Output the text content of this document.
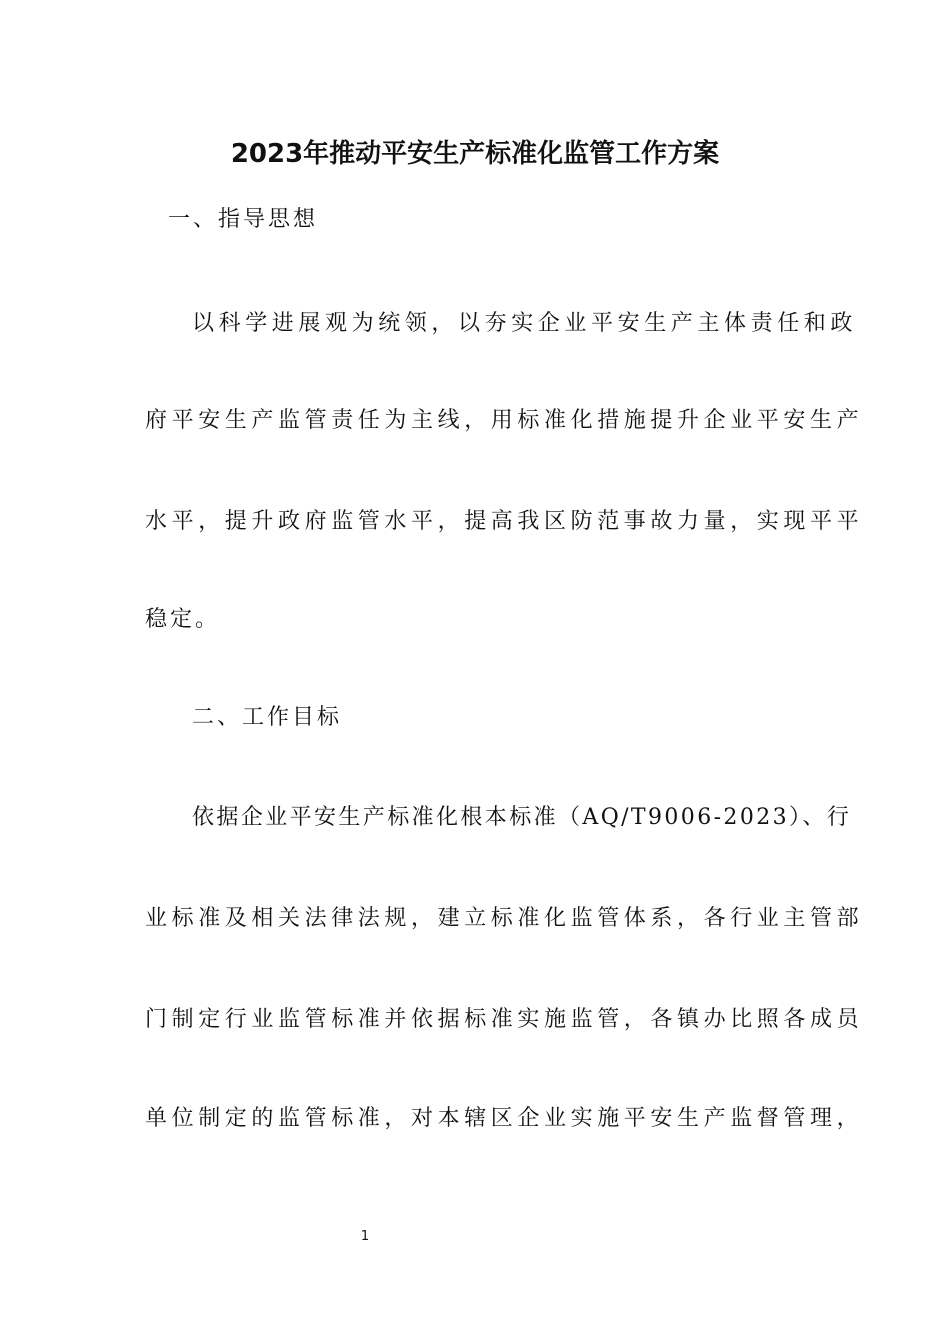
2023年推动平安生产标准化监管工作方案
一、指导思想
以科学进展观为统领，以夯实企业平安生产主体责任和政
府平安生产监管责任为主线，用标准化措施提升企业平安生产
水平，提升政府监管水平，提高我区防范事故力量，实现平平
稳定。
二、工作目标
依据企业平安生产标准化根本标准（AQ/T9006-2023）、行
业标准及相关法律法规，建立标准化监管体系，各行业主管部
门制定行业监管标准并依据标准实施监管，各镇办比照各成员
单位制定的监管标准，对本辖区企业实施平安生产监督管理，
1
